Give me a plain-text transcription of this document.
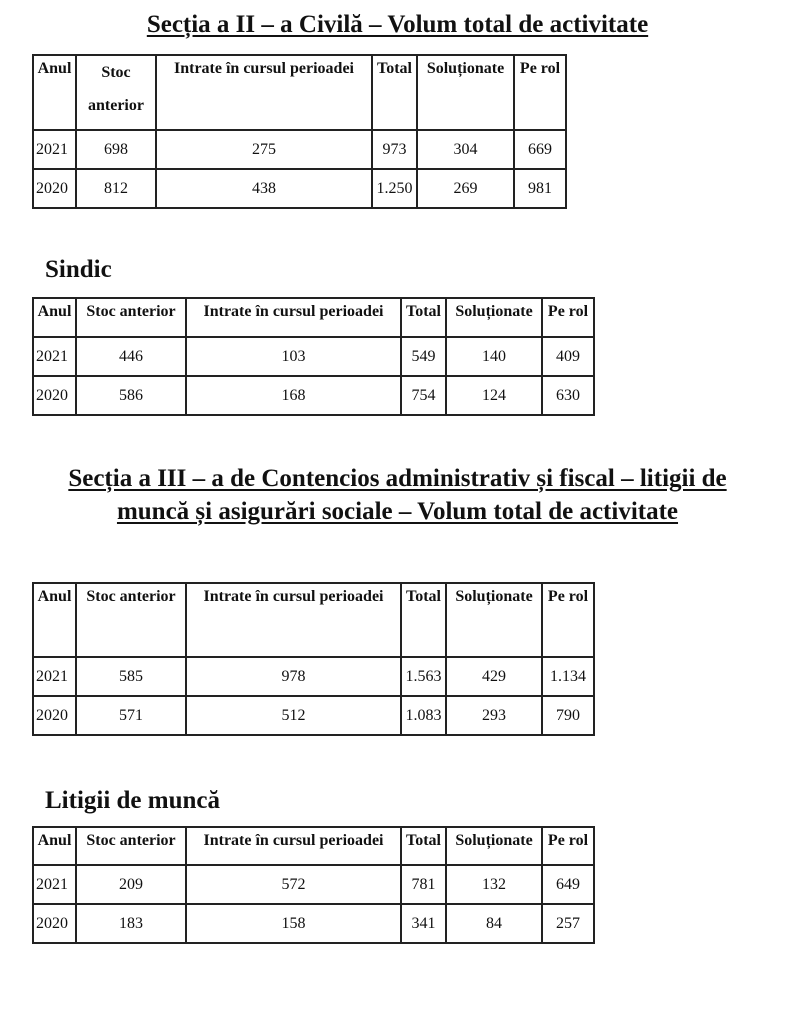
Secția a II – a Civilă – Volum total de activitate
Anul	Stoc anterior	Intrate în cursul perioadei	Total	Soluționate	Pe rol
2021	698	275	973	304	669
2020	812	438	1.250	269	981
Sindic
Anul	Stoc anterior	Intrate în cursul perioadei	Total	Soluționate	Pe rol
2021	446	103	549	140	409
2020	586	168	754	124	630
Secția a III – a de Contencios administrativ și fiscal – litigii de
muncă și asigurări sociale – Volum total de activitate
Anul	Stoc anterior	Intrate în cursul perioadei	Total	Soluționate	Pe rol
2021	585	978	1.563	429	1.134
2020	571	512	1.083	293	790
Litigii de muncă
Anul	Stoc anterior	Intrate în cursul perioadei	Total	Soluționate	Pe rol
2021	209	572	781	132	649
2020	183	158	341	84	257
